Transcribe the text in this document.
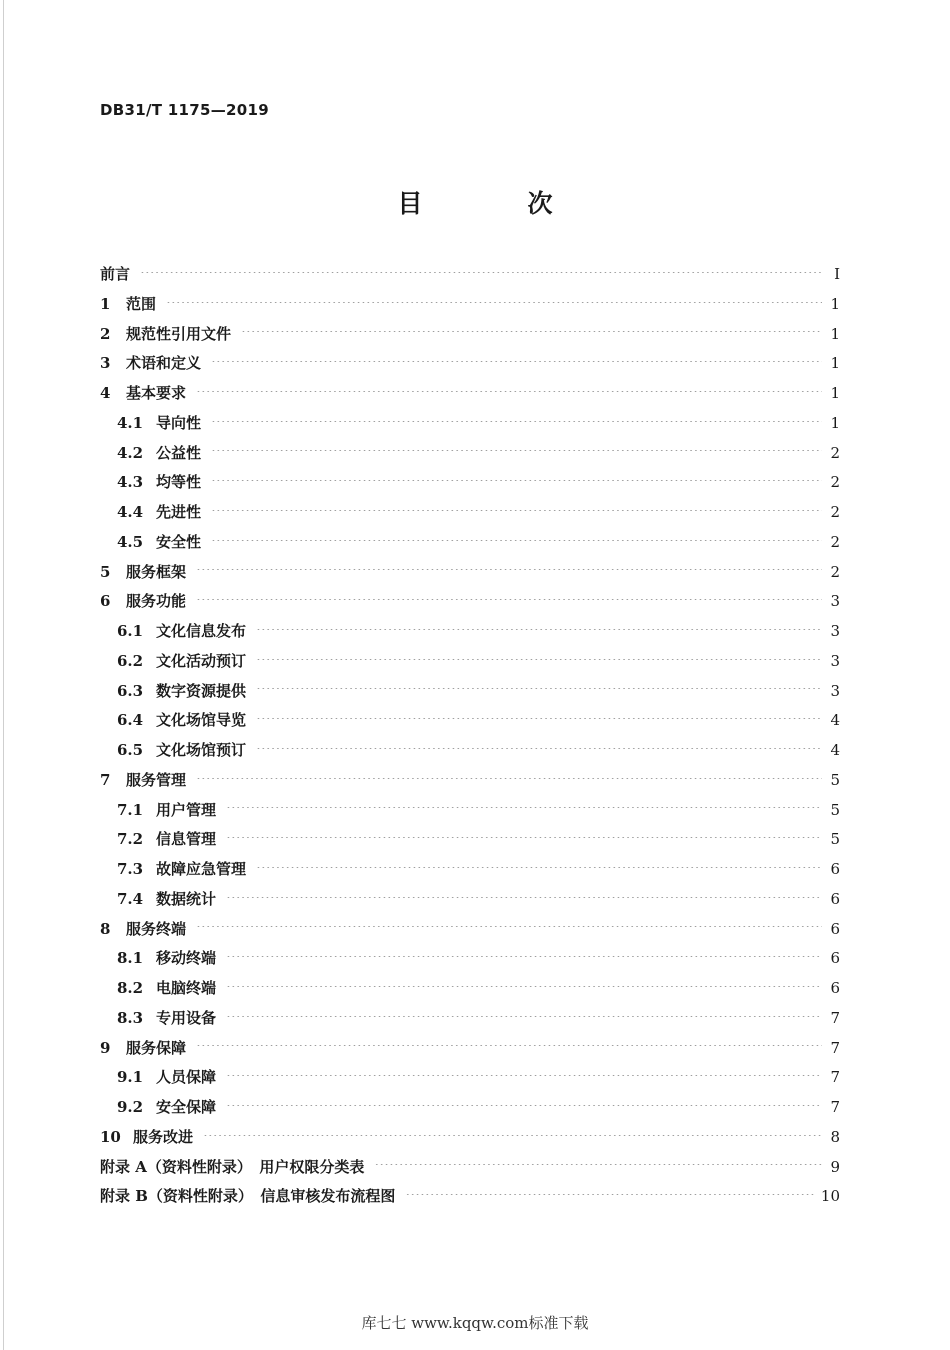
DB31/T 1175—2019
目　次
前言 ·····	I
1	范围 ·····	1
2	规范性引用文件 ·····	1
3	术语和定义 ·····	1
4	基本要求 ·····	1
4.1 导向性 ·····	1
4.2 公益性 ·····	2
4.3 均等性 ·····	2
4.4 先进性 ·····	2
4.5 安全性 ·····	2
5	服务框架 ·····	2
6	服务功能 ·····	3
6.1 文化信息发布 ·····	3
6.2 文化活动预订 ·····	3
6.3 数字资源提供 ·····	3
6.4 文化场馆导览 ·····	4
6.5 文化场馆预订 ·····	4
7	服务管理 ·····	5
7.1 用户管理 ·····	5
7.2 信息管理 ·····	5
7.3 故障应急管理 ·····	6
7.4 数据统计 ·····	6
8	服务终端 ·····	6
8.1 移动终端 ·····	6
8.2 电脑终端 ·····	6
8.3 专用设备 ·····	7
9	服务保障 ·····	7
9.1 人员保障 ·····	7
9.2 安全保障 ·····	7
10 服务改进 ·····	8
附录 A（资料性附录）　用户权限分类表 ·····	9
附录 B（资料性附录）　信息审核发布流程图 ·····	10
库七七 www.kqqw.com标准下载
